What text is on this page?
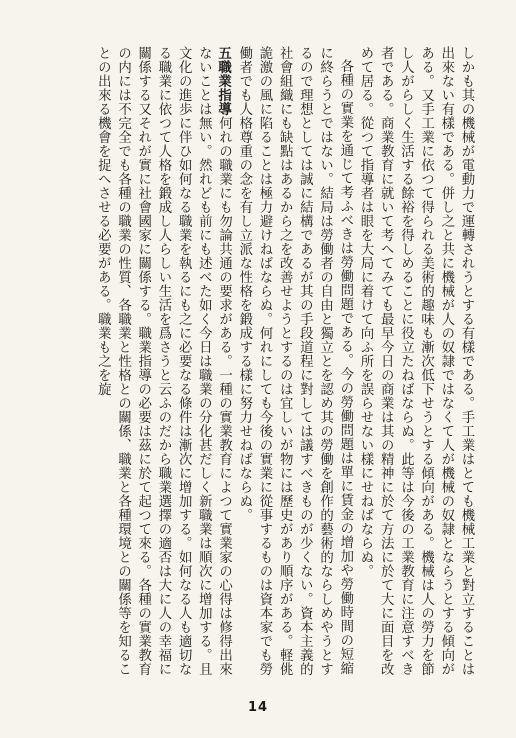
しかも其の機械が電動力で運轉されうとする有樣である。手工業はとても機械工業と對立することは出來ない有樣である。併し之と共に機械が人の奴隷ではなくて人が機械の奴隷とならうとする傾向がある。又手工業に依つて得られる美術的趣味も漸次低下せうとする傾向がある。機械は人の勞力を節し人がらしく生活する餘裕を得しめることに役立たねばならぬ。此等は今後の工業教育に注意すべき者である。商業教育に就いて考へてみても最早今日の商業は其の精神に於て方法に於て大に面目を改めて居る。從つて指導者は眼を大局に着けて向ふ所を誤らせない樣にせねばならぬ。

各種の實業を通じて考ふべきは勞働問題である。今の勞働問題は單に賃金の增加や勞働時間の短縮に終らうとではない。結局は勞働者の自由と獨立とを認め其の勞働を創作的藝術的ならしめやうとするので理想としては誠に結構であるが其の手段道程に對しては議すべきものが少くない。資本主義的社會組織にも缺點はあるから之を改善せようとするのは宜しいが物には歷史があり順序がある。軽佻詭激の風に陷ることは極力避けねばならぬ。何れにしても今後の實業に從事するものは資本家でも勞働者でも人格尊重の念を有し立派な性格を鍛成する樣に努力せねばならぬ。

五職業指導何れの職業にも勿論共通の要求がある。一種の實業教育によつて實業家の心得は修得出來ないことは無い。然れども前にも述べた如く今日は職業の分化甚だしく新職業は順次に增加する。且文化の進歩に伴ひ如何なる職業を執るにも之に必要なる條件は漸次に增加する。如何なる人も適切なる職業に依つて人格を鍛成し人らしい生活を爲さうと云ふのだから職業選擇の適否は大に人の幸福に關係する又それが實に社會國家に關係する。職業指導の必要は茲に於て起つて來る。各種の實業教育の内には不完全でも各種の職業の性質、各職業と性格との關係、職業と各種環境との關係等を知ることの出來る機會を捉へさせる必要がある。職業も之を旋

14
